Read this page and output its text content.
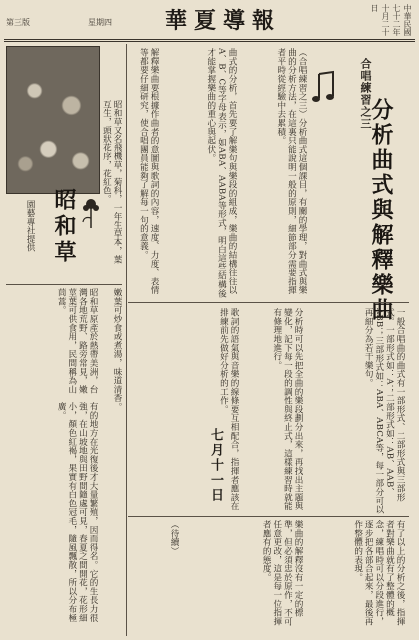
中華民國七十二年十月二十日
華夏導報
星期四
第三版
合唱練習之三
分析曲式與解釋樂曲
（合唱練習之三）分析曲式這個課目，有關的學理，對曲式與樂曲的分析方法，在這裏只能說明一般的原則，細節部分需要指揮者平時從經驗中去累積。
曲式的分析，首先要了解樂句與樂段的組成，樂曲的結構往往以A、B、C等字母表示，如ABA、AABA等形式，明白這些結構後才能掌握樂曲的重心與起伏。
解釋樂曲要根據作曲者的意圖與歌詞的內容，速度、力度、表情等都要仔細研究，使合唱團員能夠了解每一句的意義。
一般合唱曲的曲式有一部形式、二部形式與三部形式。一部形式如：A；二部形式如：AB、AAB、ABB；三部形式如：ABA、ABCA等，每一部分可以再細分為若干樂句。
分析時可以先把全曲的樂段劃分出來，再找出主題與變化，記下每一段的調性與終止式，這樣練習時就能有條理地進行。
歌詞的語氣與音樂的線條要互相配合，指揮者應該在排練前先做好分析的工作。
有了以上的分析之後，指揮者對樂曲就有了整體的概念，練唱時可以分段進行，逐步把各部合起來，最後再作整體的表現。
樂曲的解釋沒有一定的標準，但必須忠於原作，不可任意更改，這是每一位指揮者應有的態度。
（待續）
七月十一日
昭和草又名飛機草，菊科，一年生草本，葉互生，頭狀花序，花紅色。
昭和草
園藝專社提供
昭和草原產於熱帶美洲，台灣各地荒野、路旁常見，嫩莖葉可供食用，民間稱為山茼蒿。
有的地方在光復後才大量繁殖，因而得名。它的生長力很強，在山坡地與田野間隨處可見，春夏之間開花，花形細小，顏色紅褐，果實有白色冠毛，隨風飄散，所以分布極廣。	嫩葉可炒食或煮湯，味道清香。
